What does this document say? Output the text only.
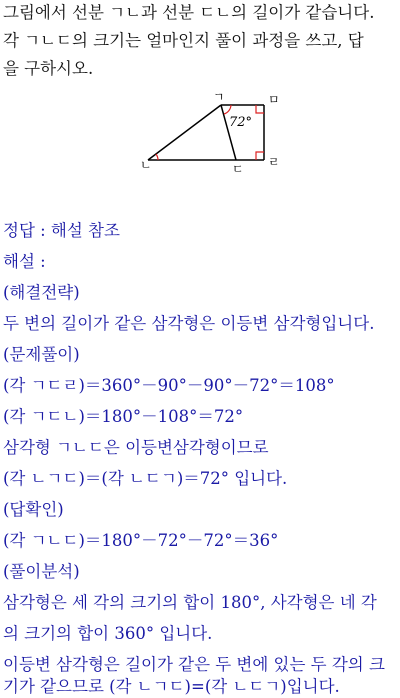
그림에서 선분 ㄱㄴ과 선분 ㄷㄴ의 길이가 같습니다.
각 ㄱㄴㄷ의 크기는 얼마인지 풀이 과정을 쓰고, 답
을 구하시오.
ㄱ	ㅁ
ㄴ	ㄷ ㄹ
72°
정답 : 해설 참조
해설 :
(해결전략)
두 변의 길이가 같은 삼각형은 이등변 삼각형입니다.
(문제풀이)
(각 ㄱㄷㄹ)＝360°－90°－90°－72°＝108°
(각 ㄱㄷㄴ)＝180°－108°＝72°
삼각형 ㄱㄴㄷ은 이등변삼각형이므로
(각 ㄴㄱㄷ)＝(각 ㄴㄷㄱ)＝72° 입니다.
(답확인)
(각 ㄱㄴㄷ)＝180°－72°－72°＝36°
(풀이분석)
삼각형은 세 각의 크기의 합이 180°, 사각형은 네 각
의 크기의 합이 360° 입니다.
이등변 삼각형은 길이가 같은 두 변에 있는 두 각의 크
기가 같으므로 (각 ㄴㄱㄷ)=(각 ㄴㄷㄱ)입니다.
